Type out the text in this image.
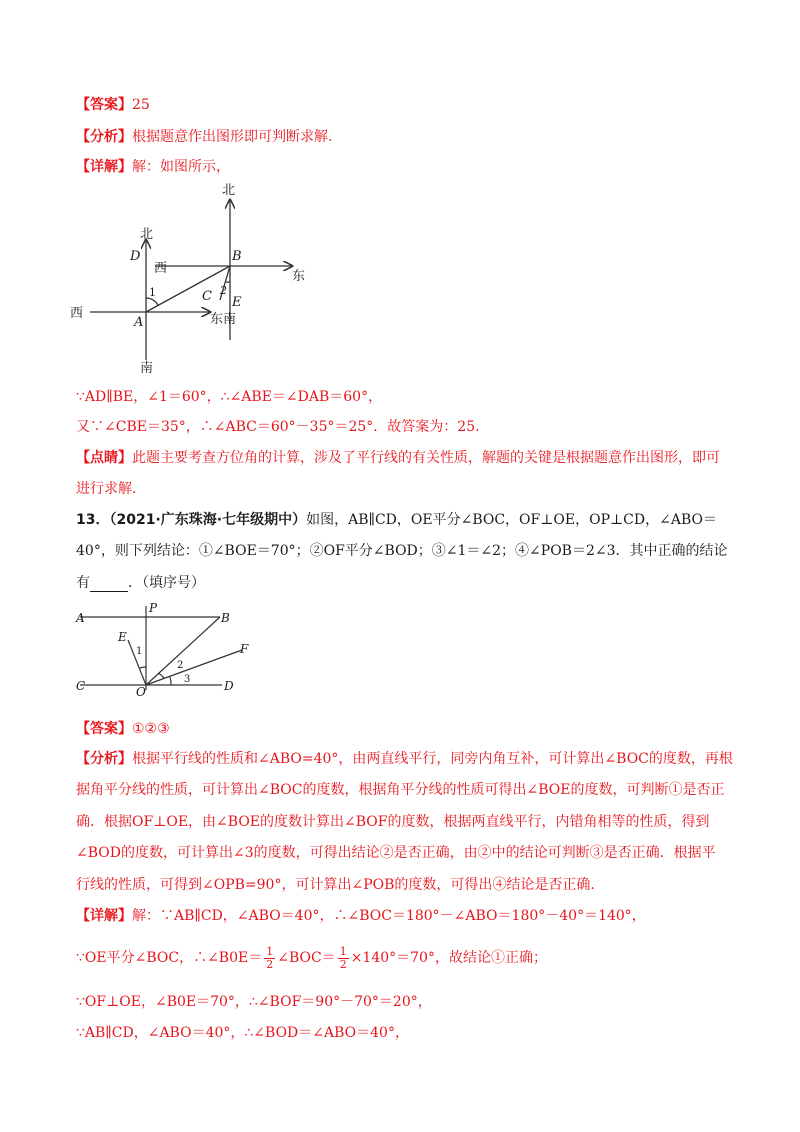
【答案】25
【分析】根据题意作出图形即可判断求解.
【详解】解：如图所示，
北
北
D
西
B
东
1	C 2
E
西
A	东南
南
∵AD∥BE，∠1＝60°，∴∠ABE＝∠DAB＝60°，
又∵∠CBE＝35°，∴∠ABC＝60°－35°＝25°．故答案为：25.
【点睛】此题主要考查方位角的计算，涉及了平行线的有关性质，解题的关键是根据题意作出图形，即可
进行求解.
13．（2021·广东珠海·七年级期中）如图，AB∥CD，OE平分∠BOC，OF⊥OE，OP⊥CD，∠ABO＝
40°，则下列结论：①∠BOE＝70°；②OF平分∠BOD；③∠1＝∠2；④∠POB＝2∠3．其中正确的结论
有	．（填序号）
A
P
B
E
1	F
2
3
C	O	D
【答案】①②③
【分析】根据平行线的性质和∠ABO=40°，由两直线平行，同旁内角互补，可计算出∠BOC的度数，再根
据角平分线的性质，可计算出∠BOC的度数，根据角平分线的性质可得出∠BOE的度数，可判断①是否正
确．根据OF⊥OE，由∠BOE的度数计算出∠BOF的度数，根据两直线平行，内错角相等的性质，得到
∠BOD的度数，可计算出∠3的度数，可得出结论②是否正确，由②中的结论可判断③是否正确．根据平
行线的性质，可得到∠OPB=90°，可计算出∠POB的度数，可得出④结论是否正确.
【详解】解：∵AB∥CD，∠ABO＝40°，∴∠BOC＝180°－∠ABO＝180°－40°＝140°，
∵OE平分∠BOC，∴∠B0E＝ $\frac{1}{2}$ ∠BOC＝ $\frac{1}{2} \times 140^\circ=70^\circ$，故结论①正确；
∵OF⊥OE，∠B0E＝70°，∴∠BOF＝90°－70°＝20°，
∵AB∥CD，∠ABO＝40°，∴∠BOD＝∠ABO＝40°，
